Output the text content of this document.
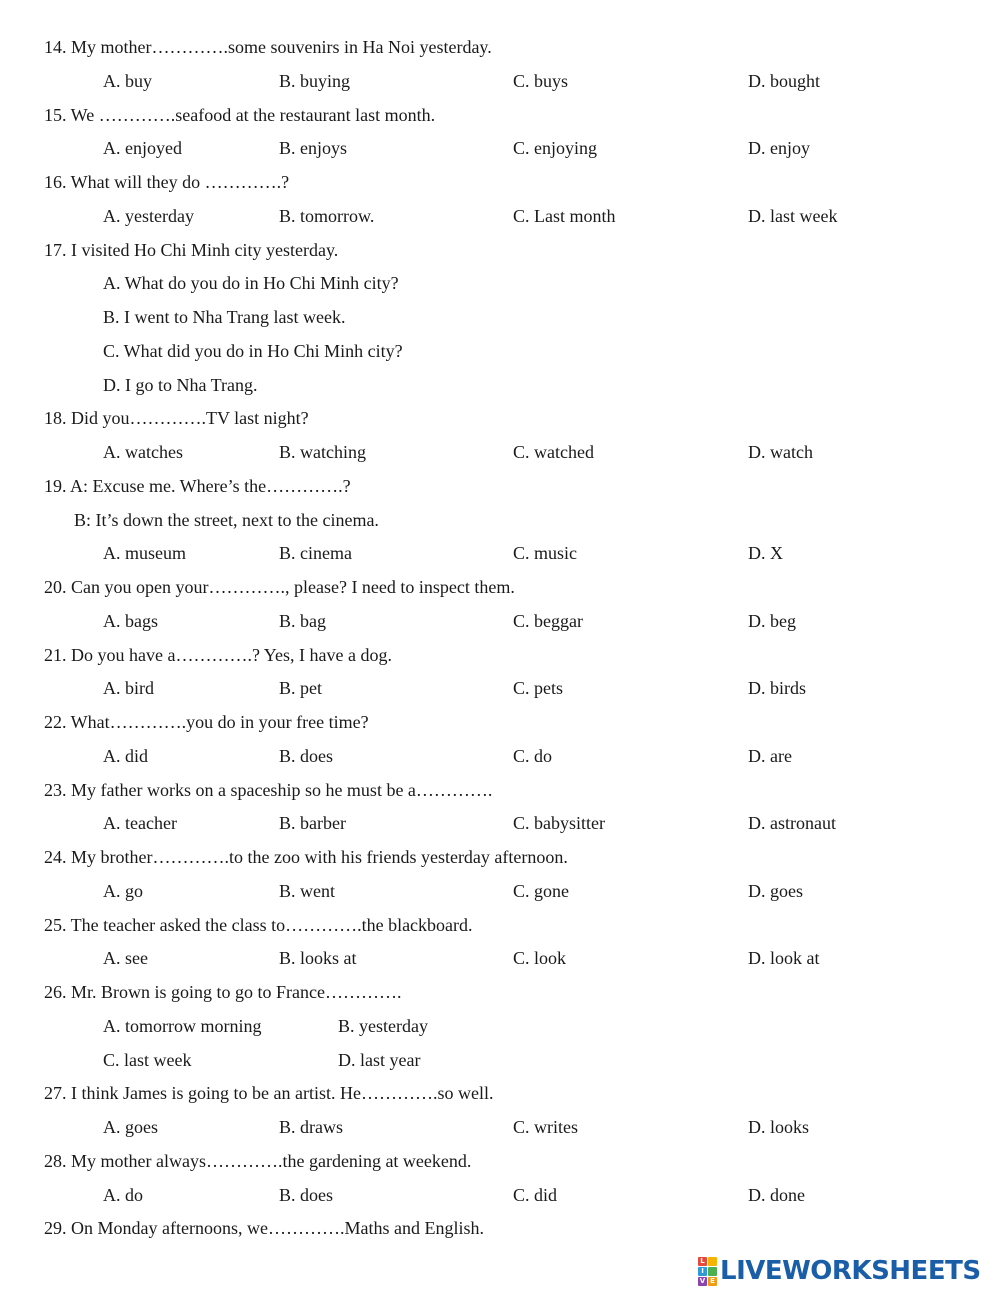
14. My mother………….some souvenirs in Ha Noi yesterday.
A. buy	B. buying	C. buys	D. bought
15. We ………….seafood at the restaurant last month.
A. enjoyed	B. enjoys	C. enjoying	D. enjoy
16. What will they do ………….?
A. yesterday	B. tomorrow.	C. Last month	D. last week
17. I visited Ho Chi Minh city yesterday.
A. What do you do in Ho Chi Minh city?
B. I went to Nha Trang last week.
C. What did you do in Ho Chi Minh city?
D. I go to Nha Trang.
18. Did you………….TV last night?
A. watches	B. watching	C. watched	D. watch
19. A: Excuse me. Where’s the………….?
B: It’s down the street, next to the cinema.
A. museum	B. cinema	C. music	D. X
20. Can you open your…………., please? I need to inspect them.
A. bags	B. bag	C. beggar	D. beg
21. Do you have a………….? Yes, I have a dog.
A. bird	B. pet	C. pets	D. birds
22. What………….you do in your free time?
A. did	B. does	C. do	D. are
23. My father works on a spaceship so he must be a………….
A. teacher	B. barber	C. babysitter	D. astronaut
24. My brother………….to the zoo with his friends yesterday afternoon.
A. go	B. went	C. gone	D. goes
25. The teacher asked the class to………….the blackboard.
A. see	B. looks at	C. look	D. look at
26. Mr. Brown is going to go to France………….
A. tomorrow morning	B. yesterday
C. last week	D. last year
27. I think James is going to be an artist. He………….so well.
A. goes	B. draws	C. writes	D. looks
28. My mother always………….the gardening at weekend.
A. do	B. does	C. did	D. done
29. On Monday afternoons, we………….Maths and English.
L
I
V E LIVEWORKSHEETS
